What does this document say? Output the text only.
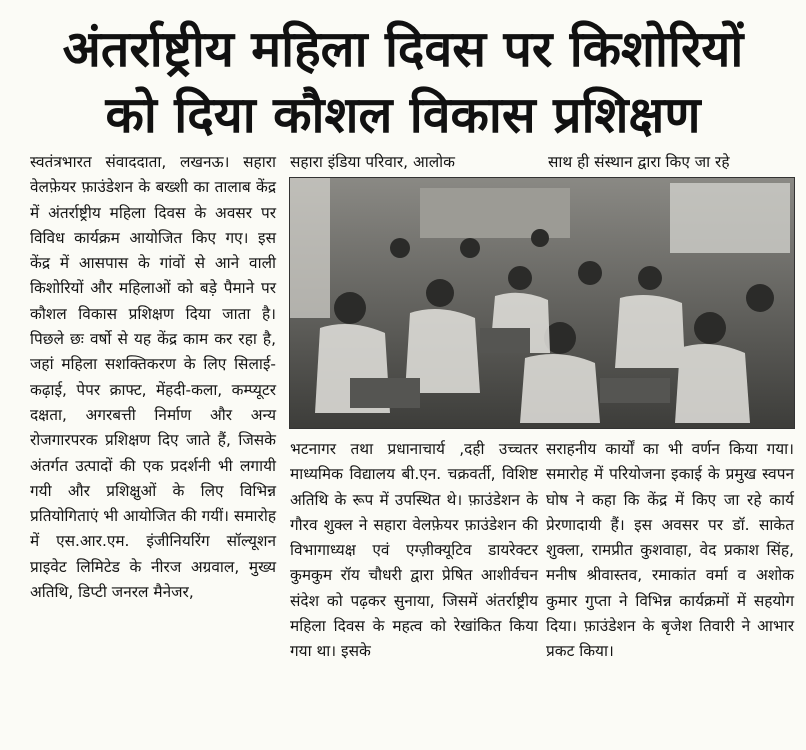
अंतर्राष्ट्रीय महिला दिवस पर किशोरियों
को दिया कौशल विकास प्रशिक्षण

स्वतंत्रभारत संवाददाता, लखनऊ। सहारा वेलफ़ेयर फ़ाउंडेशन के बख्शी का तालाब केंद्र में अंतर्राष्ट्रीय महिला दिवस के अवसर पर विविध कार्यक्रम आयोजित किए गए। इस केंद्र में आसपास के गांवों से आने वाली किशोरियों और महिलाओं को बड़े पैमाने पर कौशल विकास प्रशिक्षण दिया जाता है। पिछले छः वर्षो से यह केंद्र काम कर रहा है, जहां महिला सशक्तिकरण के लिए सिलाई-कढ़ाई, पेपर क्राफ्ट, मेंहदी-कला, कम्प्यूटर दक्षता, अगरबत्ती निर्माण और अन्य रोजगारपरक प्रशिक्षण दिए जाते हैं, जिसके अंतर्गत उत्पादों की एक प्रदर्शनी भी लगायी गयी और प्रशिक्षुओं के लिए विभिन्न प्रतियोगिताएं भी आयोजित की गयीं। समारोह में एस.आर.एम. इंजीनियरिंग सॉल्यूशन प्राइवेट लिमिटेड के नीरज अग्रवाल, मुख्य अतिथि, डिप्टी जनरल मैनेजर,

सहारा इंडिया परिवार, आलोक	साथ ही संस्थान द्वारा किए जा रहे

भटनागर तथा प्रधानाचार्य ,दही उच्चतर माध्यमिक विद्यालय बी.एन. चक्रवर्ती, विशिष्ट अतिथि के रूप में उपस्थित थे। फ़ाउंडेशन के गौरव शुक्ल ने सहारा वेलफ़ेयर फ़ाउंडेशन की विभागाध्यक्ष एवं एग्ज़ीक्यूटिव डायरेक्टर कुमकुम रॉय चौधरी द्वारा प्रेषित आशीर्वचन संदेश को पढ़कर सुनाया, जिसमें अंतर्राष्ट्रीय महिला दिवस के महत्व को रेखांकित किया गया था। इसके

सराहनीय कार्यों का भी वर्णन किया गया। समारोह में परियोजना इकाई के प्रमुख स्वपन घोष ने कहा कि केंद्र में किए जा रहे कार्य प्रेरणादायी हैं। इस अवसर पर डॉ. साकेत शुक्ला, रामप्रीत कुशवाहा, वेद प्रकाश सिंह, मनीष श्रीवास्तव, रमाकांत वर्मा व अशोक कुमार गुप्ता ने विभिन्न कार्यक्रमों में सहयोग दिया। फ़ाउंडेशन के बृजेश तिवारी ने आभार प्रकट किया।
